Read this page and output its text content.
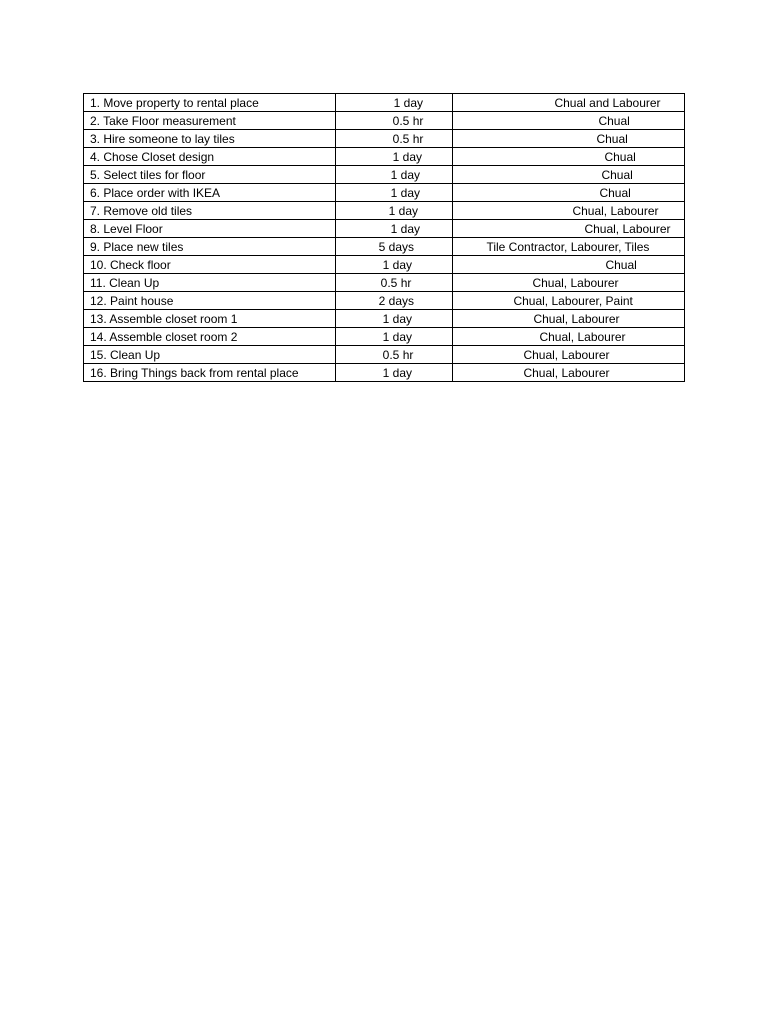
1. Move property to rental place	1 day	Chual and Labourer
2. Take Floor measurement	0.5 hr	Chual
3. Hire someone to lay tiles	0.5 hr	Chual
4. Chose Closet design	1 day	Chual
5. Select tiles for floor	1 day	Chual
6. Place order with IKEA	1 day	Chual
7. Remove old tiles	1 day	Chual, Labourer
8. Level Floor	1 day	Chual, Labourer
9. Place new tiles	5 days	Tile Contractor, Labourer, Tiles
10. Check floor	1 day	Chual
11. Clean Up	0.5 hr	Chual, Labourer
12. Paint house	2 days	Chual, Labourer, Paint
13. Assemble closet room 1	1 day	Chual, Labourer
14. Assemble closet room 2	1 day	Chual, Labourer
15. Clean Up	0.5 hr	Chual, Labourer
16. Bring Things back from rental place	1 day	Chual, Labourer
